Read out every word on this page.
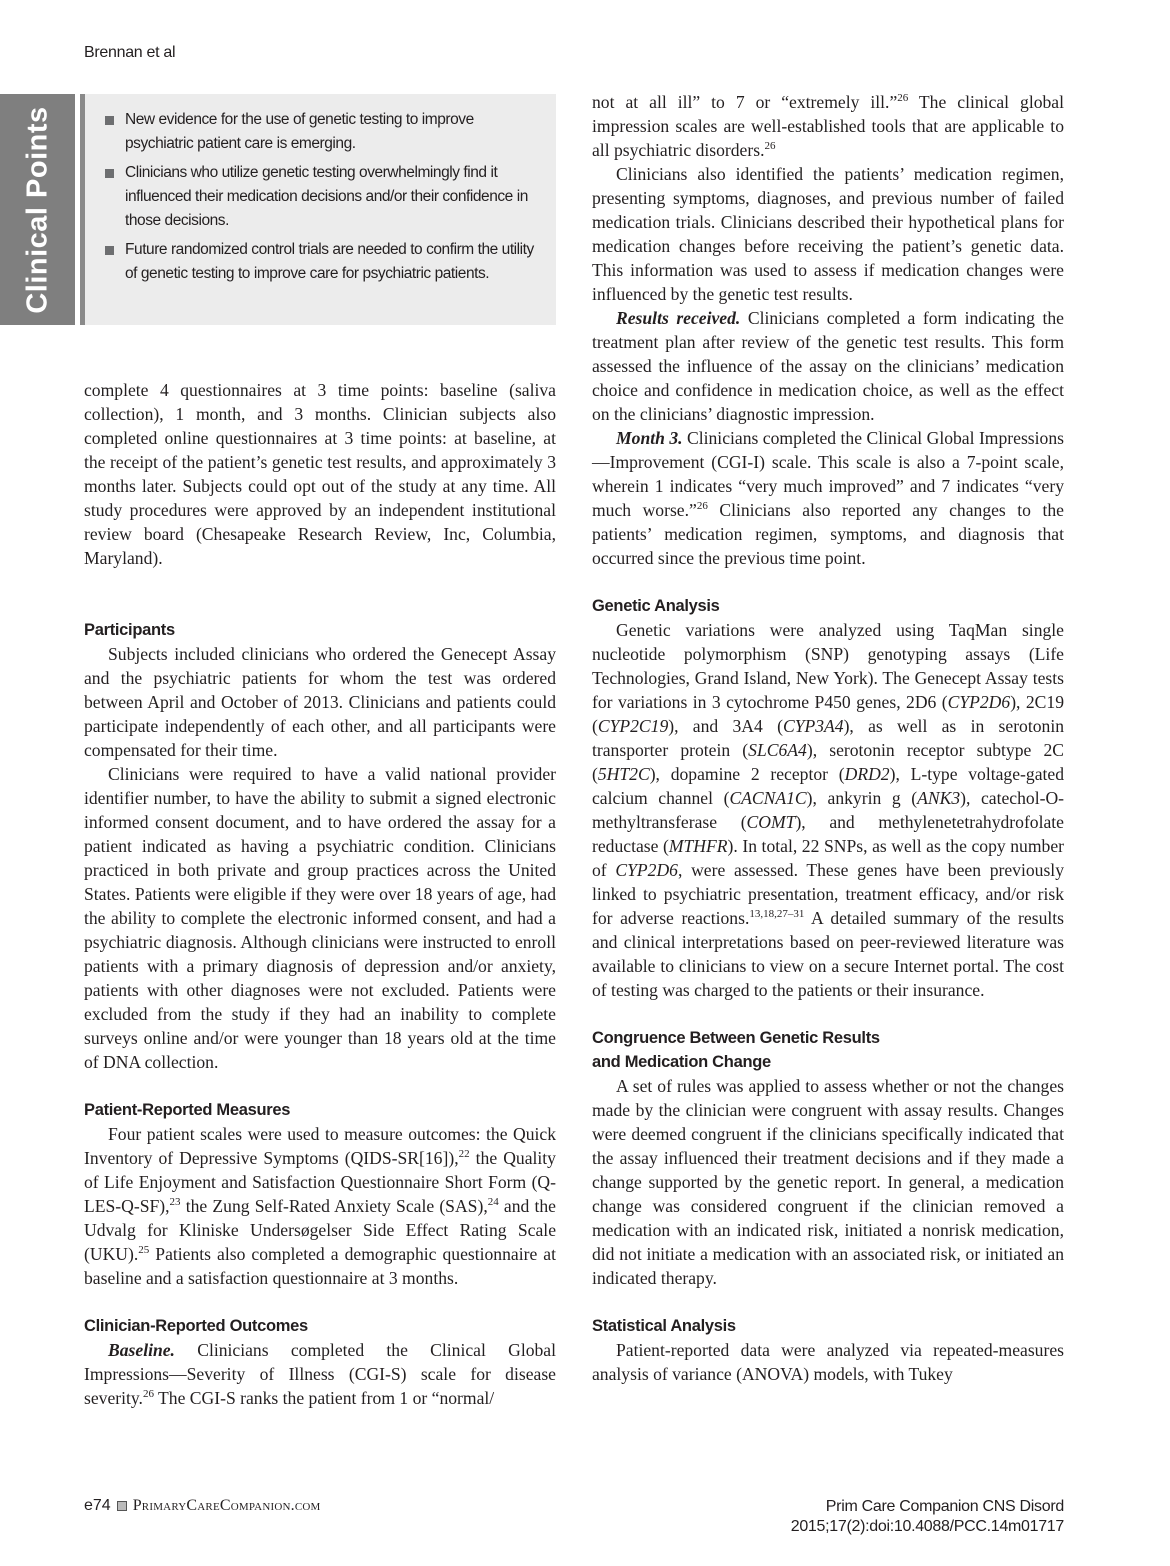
Brennan et al
Clinical Points	New evidence for the use of genetic testing to improve psychiatric patient care is emerging.
Clinicians who utilize genetic testing overwhelmingly find it influenced their medication decisions and/or their confidence in those decisions.
Future randomized control trials are needed to confirm the utility of genetic testing to improve care for psychiatric patients.

complete 4 questionnaires at 3 time points: baseline (saliva collection), 1 month, and 3 months. Clinician subjects also completed online questionnaires at 3 time points: at baseline, at the receipt of the patient’s genetic test results, and approximately 3 months later. Subjects could opt out of the study at any time. All study procedures were approved by an independent institutional review board (Chesapeake Research Review, Inc, Columbia, Maryland).

Participants

Subjects included clinicians who ordered the Genecept Assay and the psychiatric patients for whom the test was ordered between April and October of 2013. Clinicians and patients could participate independently of each other, and all participants were compensated for their time.

Clinicians were required to have a valid national provider identifier number, to have the ability to submit a signed electronic informed consent document, and to have ordered the assay for a patient indicated as having a psychiatric condition. Clinicians practiced in both private and group practices across the United States. Patients were eligible if they were over 18 years of age, had the ability to complete the electronic informed consent, and had a psychiatric diagnosis. Although clinicians were instructed to enroll patients with a primary diagnosis of depression and/or anxiety, patients with other diagnoses were not excluded. Patients were excluded from the study if they had an inability to complete surveys online and/or were younger than 18 years old at the time of DNA collection.

Patient-Reported Measures

Four patient scales were used to measure outcomes: the Quick Inventory of Depressive Symptoms (QIDS-SR[16]),$^{22}$ the Quality of Life Enjoyment and Satisfaction Questionnaire Short Form (Q-LES-Q-SF),$^{23}$ the Zung Self-Rated Anxiety Scale (SAS),$^{24}$ and the Udvalg for Kliniske Undersøgelser Side Effect Rating Scale (UKU).$^{25}$ Patients also completed a demographic questionnaire at baseline and a satisfaction questionnaire at 3 months.

Clinician-Reported Outcomes

Baseline. Clinicians completed the Clinical Global Impressions—Severity of Illness (CGI-S) scale for disease severity.$^{26}$ The CGI-S ranks the patient from 1 or “normal/

not at all ill” to 7 or “extremely ill.”$^{26}$ The clinical global impression scales are well-established tools that are applicable to all psychiatric disorders.$^{26}$

Clinicians also identified the patients’ medication regimen, presenting symptoms, diagnoses, and previous number of failed medication trials. Clinicians described their hypothetical plans for medication changes before receiving the patient’s genetic data. This information was used to assess if medication changes were influenced by the genetic test results.

Results received. Clinicians completed a form indicating the treatment plan after review of the genetic test results. This form assessed the influence of the assay on the clinicians’ medication choice and confidence in medication choice, as well as the effect on the clinicians’ diagnostic impression.

Month 3. Clinicians completed the Clinical Global Impressions—Improvement (CGI-I) scale. This scale is also a 7-point scale, wherein 1 indicates “very much improved” and 7 indicates “very much worse.”$^{26}$ Clinicians also reported any changes to the patients’ medication regimen, symptoms, and diagnosis that occurred since the previous time point.

Genetic Analysis

Genetic variations were analyzed using TaqMan single nucleotide polymorphism (SNP) genotyping assays (Life Technologies, Grand Island, New York). The Genecept Assay tests for variations in 3 cytochrome P450 genes, 2D6 (CYP2D6), 2C19 (CYP2C19), and 3A4 (CYP3A4), as well as in serotonin transporter protein (SLC6A4), serotonin receptor subtype 2C (5HT2C), dopamine 2 receptor (DRD2), L-type voltage-gated calcium channel (CACNA1C), ankyrin g (ANK3), catechol-O-methyltransferase (COMT), and methylenetetrahydrofolate reductase (MTHFR). In total, 22 SNPs, as well as the copy number of CYP2D6, were assessed. These genes have been previously linked to psychiatric presentation, treatment efficacy, and/or risk for adverse reactions.$^{13,18,27-31}$ A detailed summary of the results and clinical interpretations based on peer-reviewed literature was available to clinicians to view on a secure Internet portal. The cost of testing was charged to the patients or their insurance.

Congruence Between Genetic Results
and Medication Change

A set of rules was applied to assess whether or not the changes made by the clinician were congruent with assay results. Changes were deemed congruent if the clinicians specifically indicated that the assay influenced their treatment decisions and if they made a change supported by the genetic report. In general, a medication change was considered congruent if the clinician removed a medication with an indicated risk, initiated a nonrisk medication, did not initiate a medication with an associated risk, or initiated an indicated therapy.

Statistical Analysis

Patient-reported data were analyzed via repeated-measures analysis of variance (ANOVA) models, with Tukey

e74 PrimaryCareCompanion.com	Prim Care Companion CNS Disord
2015;17(2):doi:10.4088/PCC.14m01717
